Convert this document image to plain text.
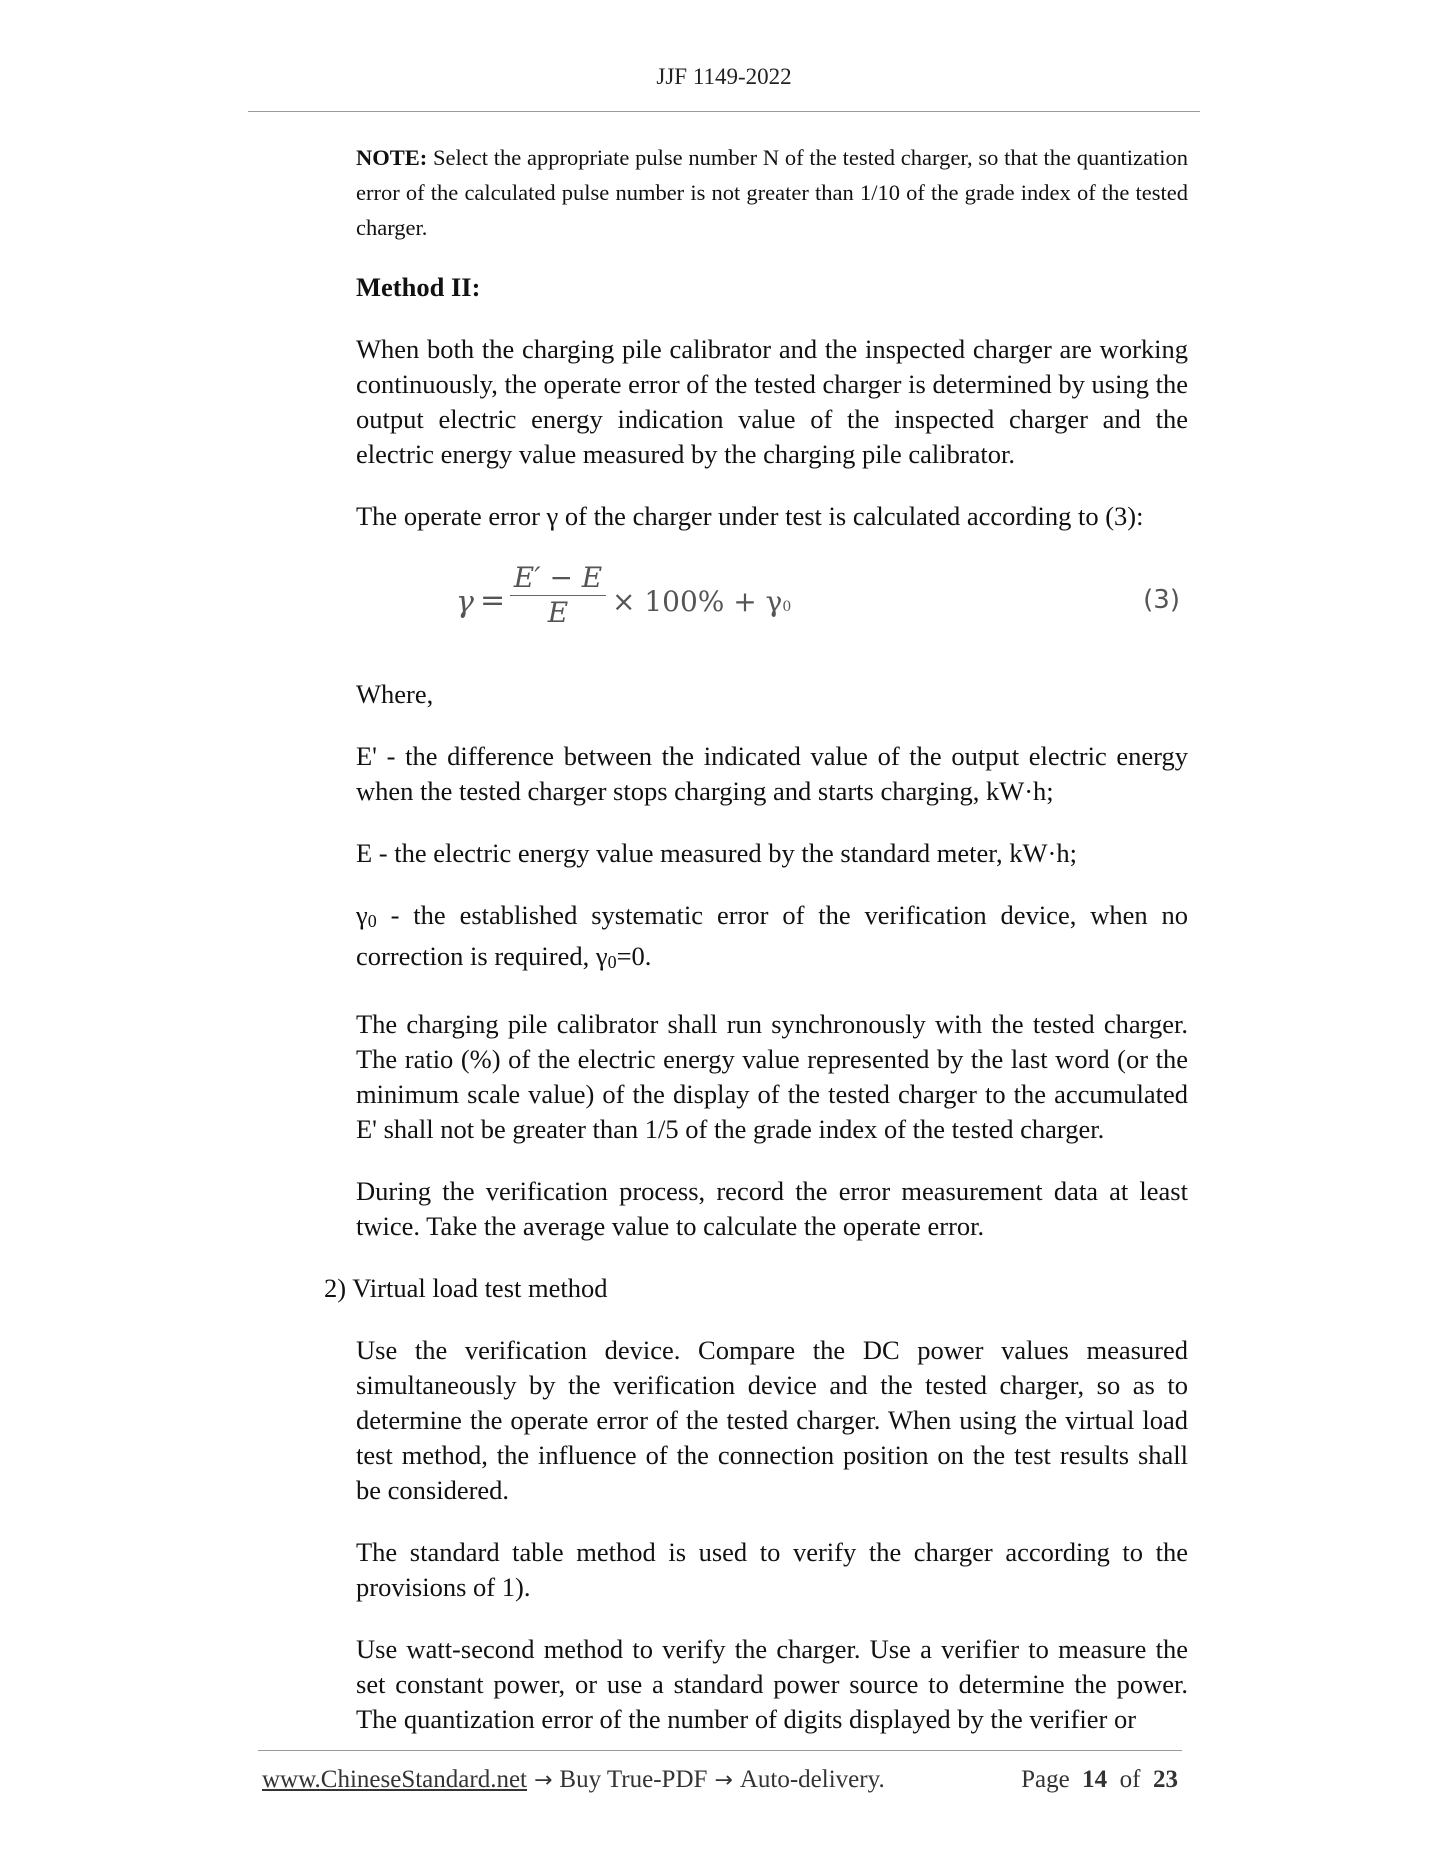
JJF 1149-2022

NOTE: Select the appropriate pulse number N of the tested charger, so that the quantization error of the calculated pulse number is not greater than 1/10 of the grade index of the tested charger.

Method II:

When both the charging pile calibrator and the inspected charger are working continuously, the operate error of the tested charger is determined by using the output electric energy indication value of the inspected charger and the electric energy value measured by the charging pile calibrator.

The operate error γ of the charger under test is calculated according to (3):

γ =
E′ − E
E	× 100% + γ0	(3)

Where,

E' - the difference between the indicated value of the output electric energy when the tested charger stops charging and starts charging, kW·h;

E - the electric energy value measured by the standard meter, kW·h;

γ0 - the established systematic error of the verification device, when no correction is required, γ0=0.

The charging pile calibrator shall run synchronously with the tested charger. The ratio (%) of the electric energy value represented by the last word (or the minimum scale value) of the display of the tested charger to the accumulated E' shall not be greater than 1/5 of the grade index of the tested charger.

During the verification process, record the error measurement data at least twice. Take the average value to calculate the operate error.

2) Virtual load test method

Use the verification device. Compare the DC power values measured simultaneously by the verification device and the tested charger, so as to determine the operate error of the tested charger. When using the virtual load test method, the influence of the connection position on the test results shall be considered.

The standard table method is used to verify the charger according to the provisions of 1).

Use watt-second method to verify the charger. Use a verifier to measure the set constant power, or use a standard power source to determine the power. The quantization error of the number of digits displayed by the verifier or

www.ChineseStandard.net → Buy True-PDF → Auto-delivery.	Page 14 of 23
